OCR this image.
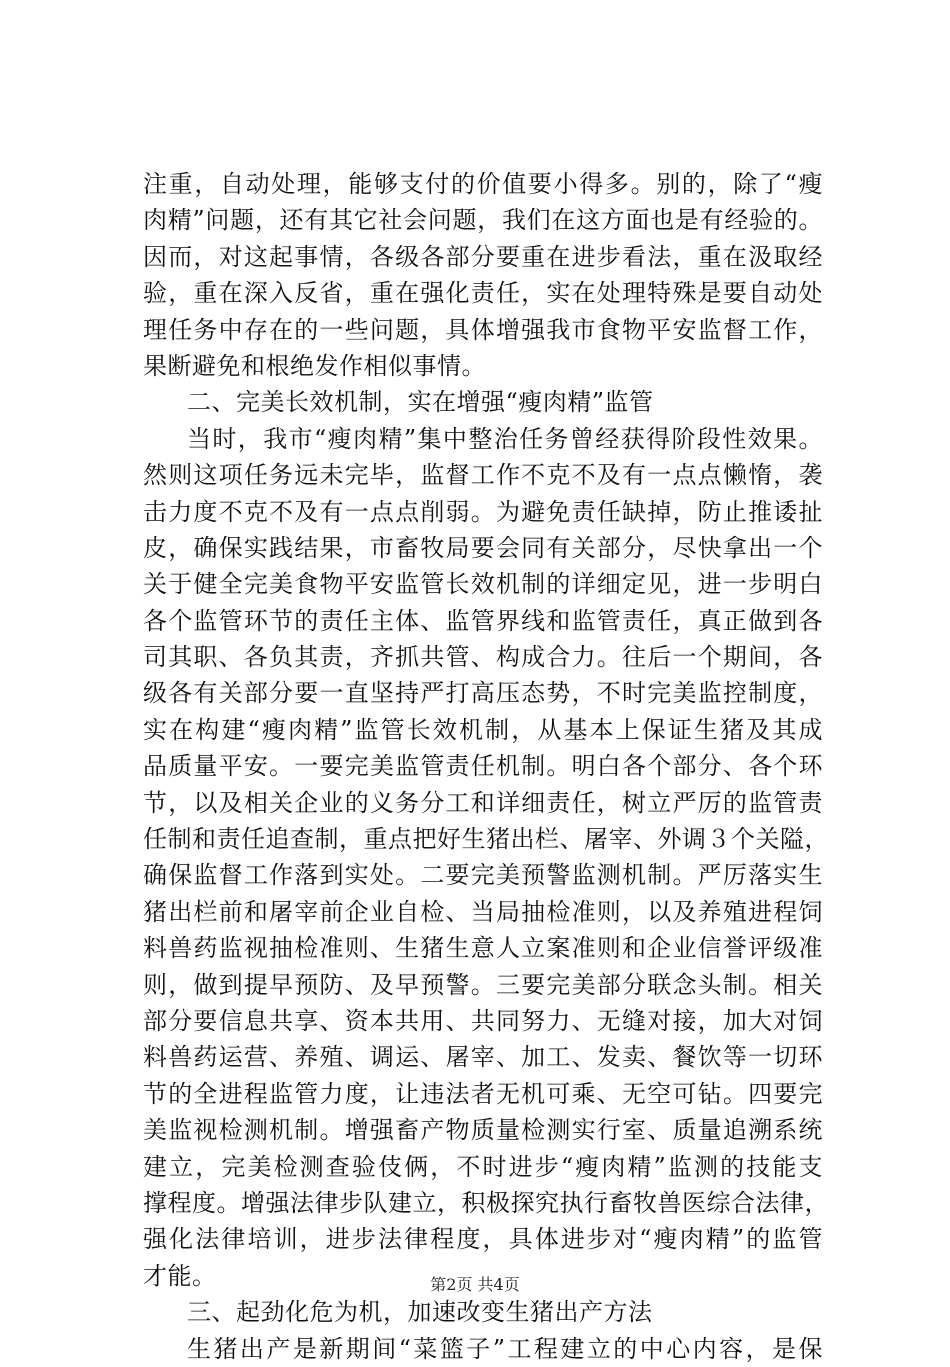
注重，自动处理，能够支付的价值要小得多。别的，除了“瘦
肉精”问题，还有其它社会问题，我们在这方面也是有经验的。
因而，对这起事情，各级各部分要重在进步看法，重在汲取经
验，重在深入反省，重在强化责任，实在处理特殊是要自动处
理任务中存在的一些问题，具体增强我市食物平安监督工作，
果断避免和根绝发作相似事情。
二、完美长效机制，实在增强“瘦肉精”监管
当时，我市“瘦肉精”集中整治任务曾经获得阶段性效果。
然则这项任务远未完毕，监督工作不克不及有一点点懒惰，袭
击力度不克不及有一点点削弱。为避免责任缺掉，防止推诿扯
皮，确保实践结果，市畜牧局要会同有关部分，尽快拿出一个
关于健全完美食物平安监管长效机制的详细定见，进一步明白
各个监管环节的责任主体、监管界线和监管责任，真正做到各
司其职、各负其责，齐抓共管、构成合力。往后一个期间，各
级各有关部分要一直坚持严打高压态势，不时完美监控制度，
实在构建“瘦肉精”监管长效机制，从基本上保证生猪及其成
品质量平安。一要完美监管责任机制。明白各个部分、各个环
节，以及相关企业的义务分工和详细责任，树立严厉的监管责
任制和责任追查制，重点把好生猪出栏、屠宰、外调３个关隘，
确保监督工作落到实处。二要完美预警监测机制。严厉落实生
猪出栏前和屠宰前企业自检、当局抽检准则，以及养殖进程饲
料兽药监视抽检准则、生猪生意人立案准则和企业信誉评级准
则，做到提早预防、及早预警。三要完美部分联念头制。相关
部分要信息共享、资本共用、共同努力、无缝对接，加大对饲
料兽药运营、养殖、调运、屠宰、加工、发卖、餐饮等一切环
节的全进程监管力度，让违法者无机可乘、无空可钻。四要完
美监视检测机制。增强畜产物质量检测实行室、质量追溯系统
建立，完美检测查验伎俩，不时进步“瘦肉精”监测的技能支
撑程度。增强法律步队建立，积极探究执行畜牧兽医综合法律，
强化法律培训，进步法律程度，具体进步对“瘦肉精”的监管
才能。
三、起劲化危为机，加速改变生猪出产方法
生猪出产是新期间“菜篮子”工程建立的中心内容，是保
第2页 共4页
